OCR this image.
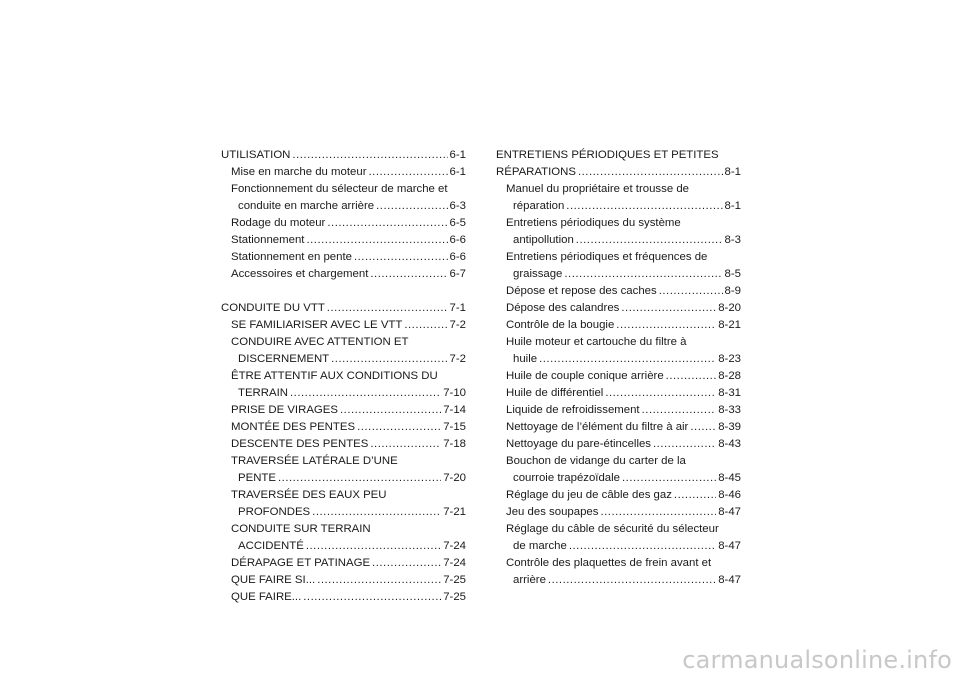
UTILISATION .....	6-1
Mise en marche du moteur .....	6-1
Fonctionnement du sélecteur de marche et
conduite en marche arrière .....	6-3
Rodage du moteur .....	6-5
Stationnement .....	6-6
Stationnement en pente .....	6-6
Accessoires et chargement .....	6-7
CONDUITE DU VTT .....	7-1
SE FAMILIARISER AVEC LE VTT .....	7-2
CONDUIRE AVEC ATTENTION ET
DISCERNEMENT .....	7-2
ÊTRE ATTENTIF AUX CONDITIONS DU
TERRAIN .....	7-10
PRISE DE VIRAGES .....	7-14
MONTÉE DES PENTES .....	7-15
DESCENTE DES PENTES .....	7-18
TRAVERSÉE LATÉRALE D’UNE
PENTE .....	7-20
TRAVERSÉE DES EAUX PEU
PROFONDES .....	7-21
CONDUITE SUR TERRAIN
ACCIDENTÉ .....	7-24
DÉRAPAGE ET PATINAGE .....	7-24
QUE FAIRE SI... .....	7-25
QUE FAIRE... .....	7-25
ENTRETIENS PÉRIODIQUES ET PETITES
RÉPARATIONS .....	8-1
Manuel du propriétaire et trousse de
réparation .....	8-1
Entretiens périodiques du système
antipollution .....	8-3
Entretiens périodiques et fréquences de
graissage .....	8-5
Dépose et repose des caches .....	8-9
Dépose des calandres .....	8-20
Contrôle de la bougie .....	8-21
Huile moteur et cartouche du filtre à
huile .....	8-23
Huile de couple conique arrière .....	8-28
Huile de différentiel .....	8-31
Liquide de refroidissement .....	8-33
Nettoyage de l’élément du filtre à air .....	8-39
Nettoyage du pare-étincelles .....	8-43
Bouchon de vidange du carter de la
courroie trapézoïdale .....	8-45
Réglage du jeu de câble des gaz .....	8-46
Jeu des soupapes .....	8-47
Réglage du câble de sécurité du sélecteur
de marche .....	8-47
Contrôle des plaquettes de frein avant et
arrière .....	8-47
carmanualsonline.info
